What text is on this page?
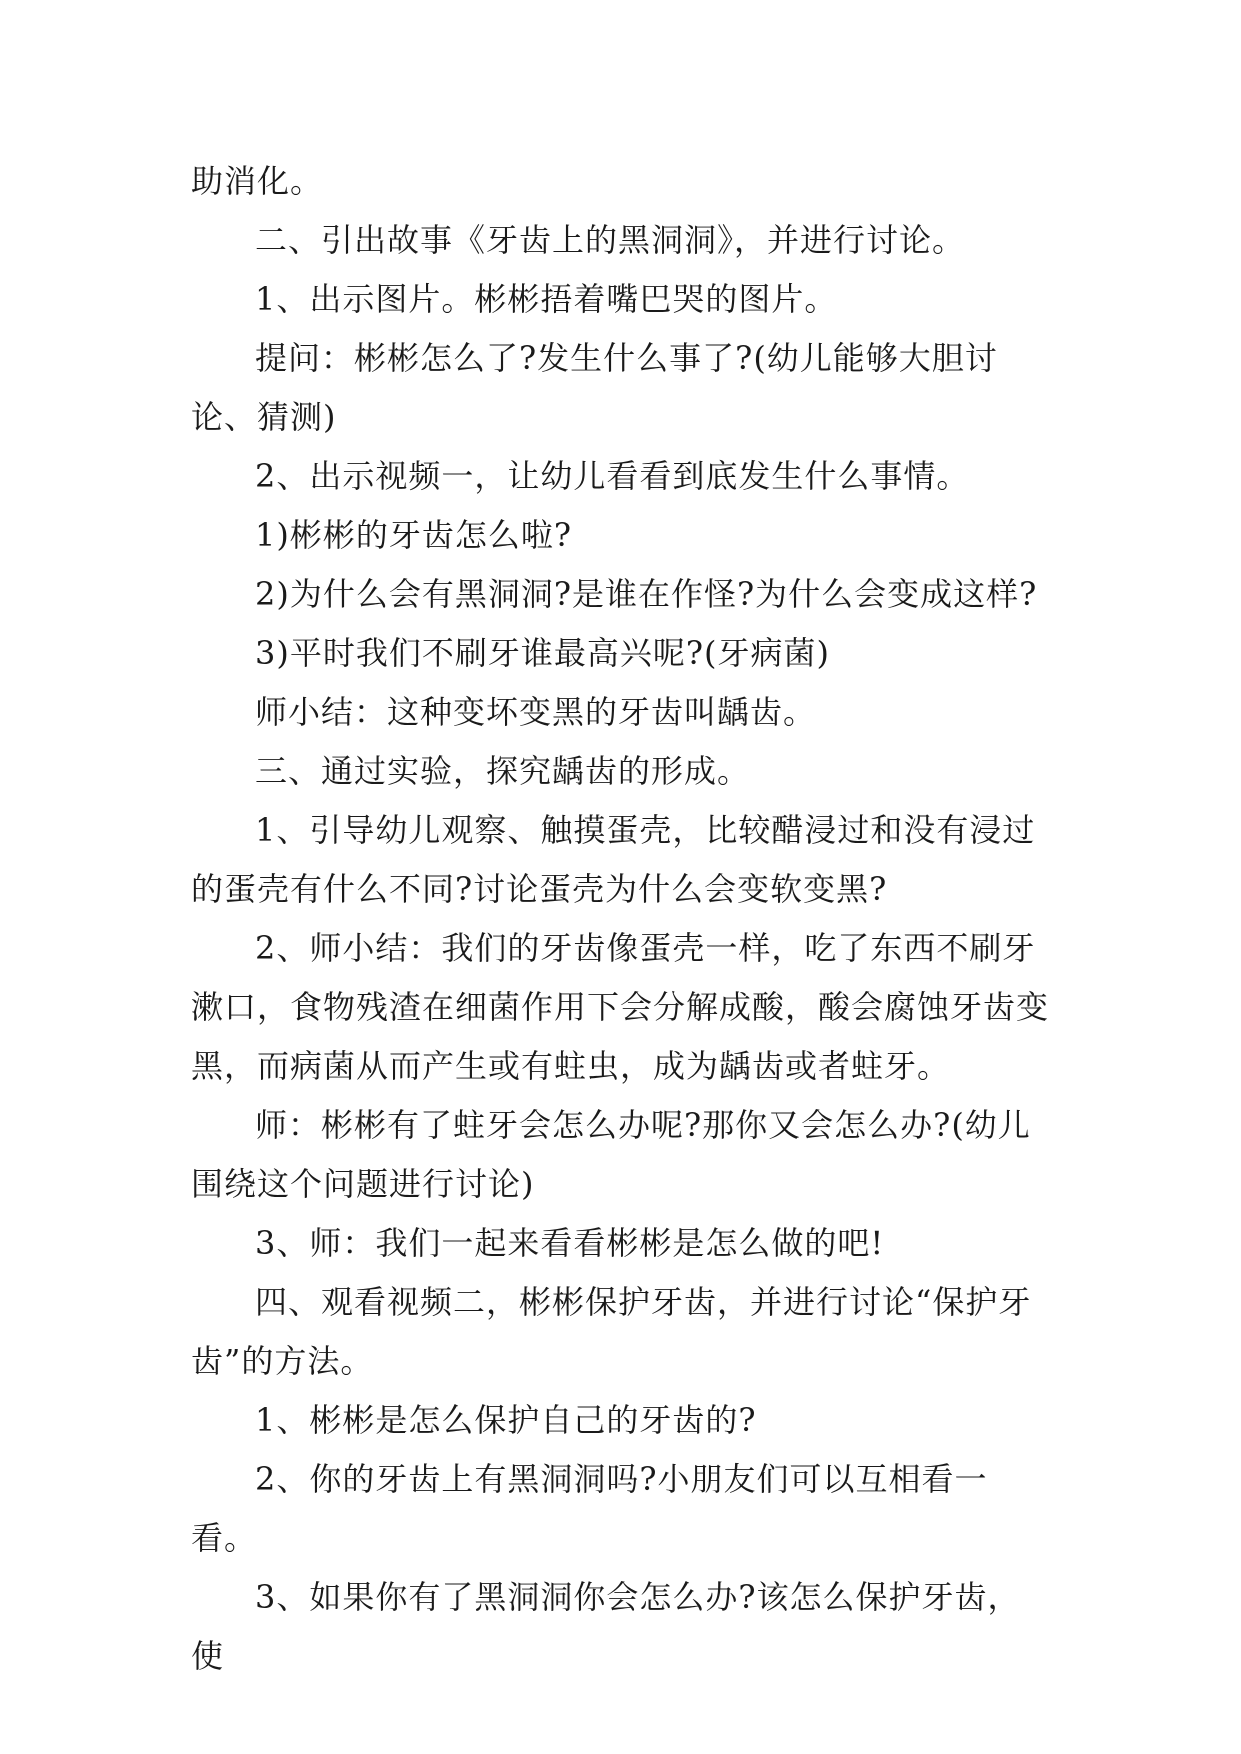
助消化。

二、引出故事《牙齿上的黑洞洞》，并进行讨论。

1、出示图片。彬彬捂着嘴巴哭的图片。

提问：彬彬怎么了?发生什么事了?(幼儿能够大胆讨论、猜测)

2、出示视频一，让幼儿看看到底发生什么事情。

1)彬彬的牙齿怎么啦?

2)为什么会有黑洞洞?是谁在作怪?为什么会变成这样?

3)平时我们不刷牙谁最高兴呢?(牙病菌)

师小结：这种变坏变黑的牙齿叫龋齿。

三、通过实验，探究龋齿的形成。

1、引导幼儿观察、触摸蛋壳，比较醋浸过和没有浸过的蛋壳有什么不同?讨论蛋壳为什么会变软变黑?

2、师小结：我们的牙齿像蛋壳一样，吃了东西不刷牙漱口，食物残渣在细菌作用下会分解成酸，酸会腐蚀牙齿变黑，而病菌从而产生或有蛀虫，成为龋齿或者蛀牙。

师：彬彬有了蛀牙会怎么办呢?那你又会怎么办?(幼儿围绕这个问题进行讨论)

3、师：我们一起来看看彬彬是怎么做的吧!

四、观看视频二，彬彬保护牙齿，并进行讨论“保护牙齿”的方法。

1、彬彬是怎么保护自己的牙齿的?

2、你的牙齿上有黑洞洞吗?小朋友们可以互相看一看。

3、如果你有了黑洞洞你会怎么办?该怎么保护牙齿，使
